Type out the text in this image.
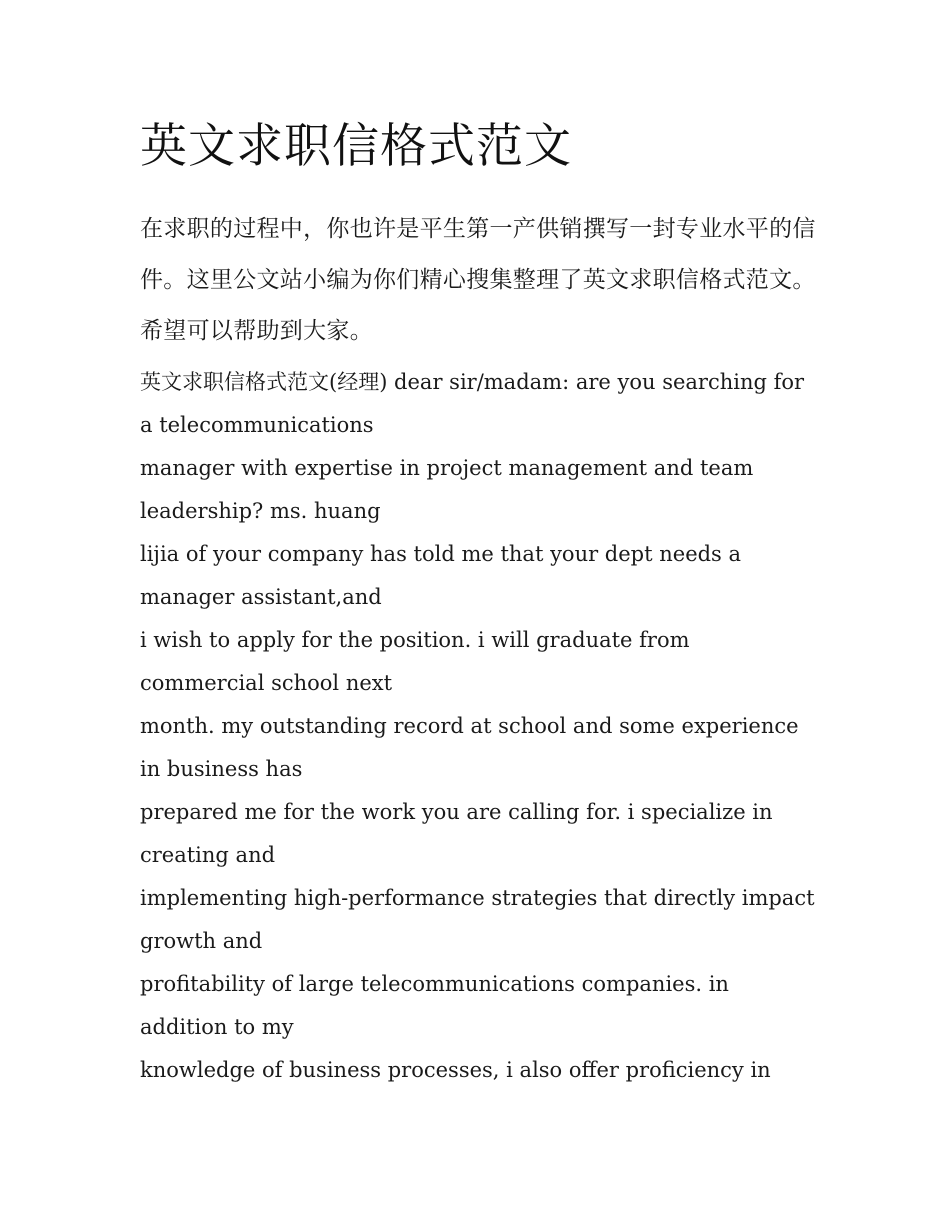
英文求职信格式范文

在求职的过程中，你也许是平生第一产供销撰写一封专业水平的信件。这里公文站小编为你们精心搜集整理了英文求职信格式范文。希望可以帮助到大家。

英文求职信格式范文(经理) dear sir/madam: are you searching for a telecommunications

manager with expertise in project management and team leadership? ms. huang

lijia of your company has told me that your dept needs a manager assistant,and

i wish to apply for the position. i will graduate from commercial school next

month. my outstanding record at school and some experience in business has

prepared me for the work you are calling for. i specialize in creating and

implementing high-performance strategies that directly impact growth and

profitability of large telecommunications companies. in addition to my

knowledge of business processes, i also offer proficiency in
